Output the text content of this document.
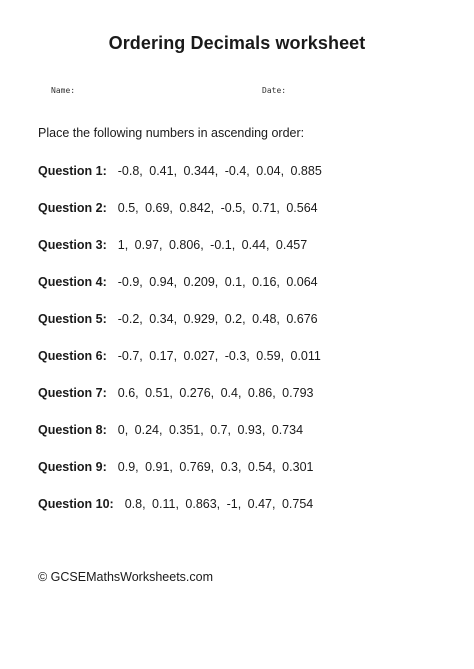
Ordering Decimals worksheet
Name:	Date:
Place the following numbers in ascending order:
Question 1: -0.8, 0.41, 0.344, -0.4, 0.04, 0.885
Question 2: 0.5, 0.69, 0.842, -0.5, 0.71, 0.564
Question 3: 1, 0.97, 0.806, -0.1, 0.44, 0.457
Question 4: -0.9, 0.94, 0.209, 0.1, 0.16, 0.064
Question 5: -0.2, 0.34, 0.929, 0.2, 0.48, 0.676
Question 6: -0.7, 0.17, 0.027, -0.3, 0.59, 0.011
Question 7: 0.6, 0.51, 0.276, 0.4, 0.86, 0.793
Question 8: 0, 0.24, 0.351, 0.7, 0.93, 0.734
Question 9: 0.9, 0.91, 0.769, 0.3, 0.54, 0.301
Question 10: 0.8, 0.11, 0.863, -1, 0.47, 0.754
© GCSEMathsWorksheets.com
